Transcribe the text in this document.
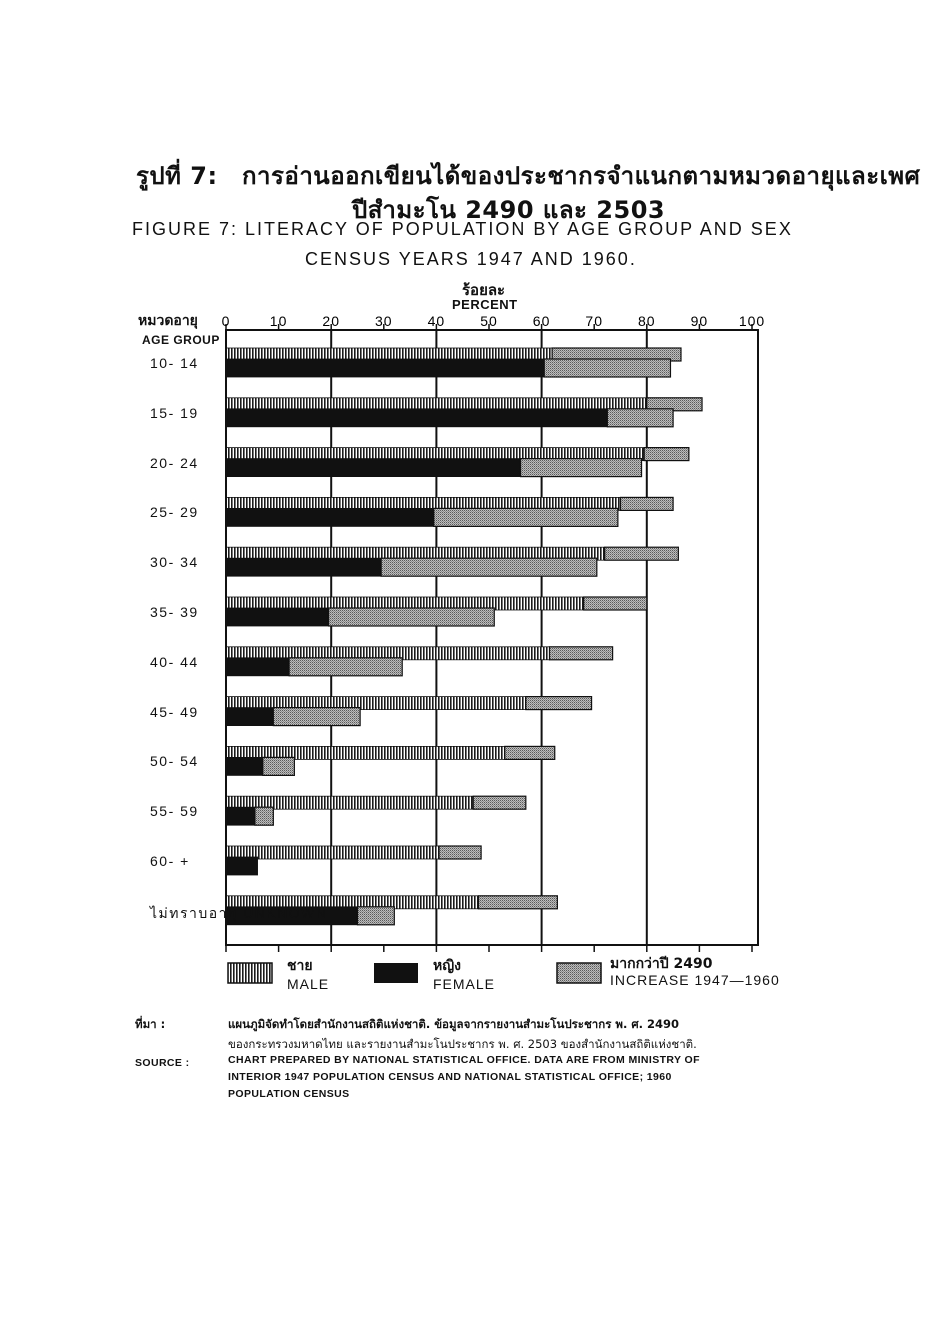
รูปที่ 7: การอ่านออกเขียนได้ของประชากรจำแนกตามหมวดอายุและเพศ
ปีสำมะโน 2490 และ 2503
FIGURE 7: LITERACY OF POPULATION BY AGE GROUP AND SEX
CENSUS YEARS 1947 AND 1960.
ร้อยละ
PERCENT
หมวดอายุ
AGE GROUP
0	10	20	30	40	50	60	70	80	90 100
10- 14
15- 19
20- 24
25- 29
30- 34
35- 39
40- 44
45- 49
50- 54
55- 59
60- +
ไม่ทราบอายุ UNKNOWN
ชาย
MALE
หญิง
FEMALE
มากกว่าปี 2490
INCREASE 1947—1960
ที่มา :	แผนภูมิจัดทำโดยสำนักงานสถิติแห่งชาติ. ข้อมูลจากรายงานสำมะโนประชากร พ. ศ. 2490
ของกระทรวงมหาดไทย และรายงานสำมะโนประชากร พ. ศ. 2503 ของสำนักงานสถิติแห่งชาติ.
SOURCE :	CHART PREPARED BY NATIONAL STATISTICAL OFFICE. DATA ARE FROM MINISTRY OF
INTERIOR 1947 POPULATION CENSUS AND NATIONAL STATISTICAL OFFICE; 1960
POPULATION CENSUS
